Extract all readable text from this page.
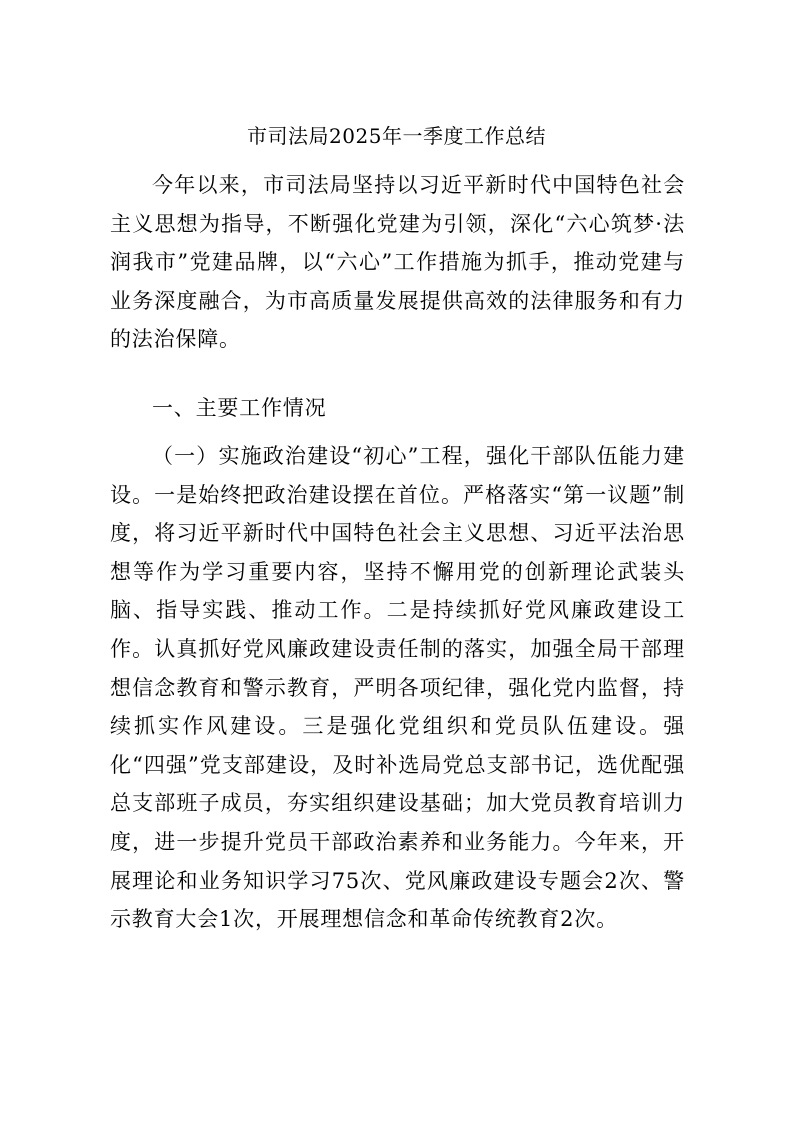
市司法局2025年一季度工作总结

今年以来，市司法局坚持以习近平新时代中国特色社会主义思想为指导，不断强化党建为引领，深化“六心筑梦·法润我市”党建品牌，以“六心”工作措施为抓手，推动党建与业务深度融合，为市高质量发展提供高效的法律服务和有力的法治保障。

一、主要工作情况

（一）实施政治建设“初心”工程，强化干部队伍能力建设。一是始终把政治建设摆在首位。严格落实“第一议题”制度，将习近平新时代中国特色社会主义思想、习近平法治思想等作为学习重要内容，坚持不懈用党的创新理论武装头脑、指导实践、推动工作。二是持续抓好党风廉政建设工作。认真抓好党风廉政建设责任制的落实，加强全局干部理想信念教育和警示教育，严明各项纪律，强化党内监督，持续抓实作风建设。三是强化党组织和党员队伍建设。强化“四强”党支部建设，及时补选局党总支部书记，选优配强总支部班子成员，夯实组织建设基础；加大党员教育培训力度，进一步提升党员干部政治素养和业务能力。今年来，开展理论和业务知识学习75次、党风廉政建设专题会2次、警示教育大会1次，开展理想信念和革命传统教育2次。
